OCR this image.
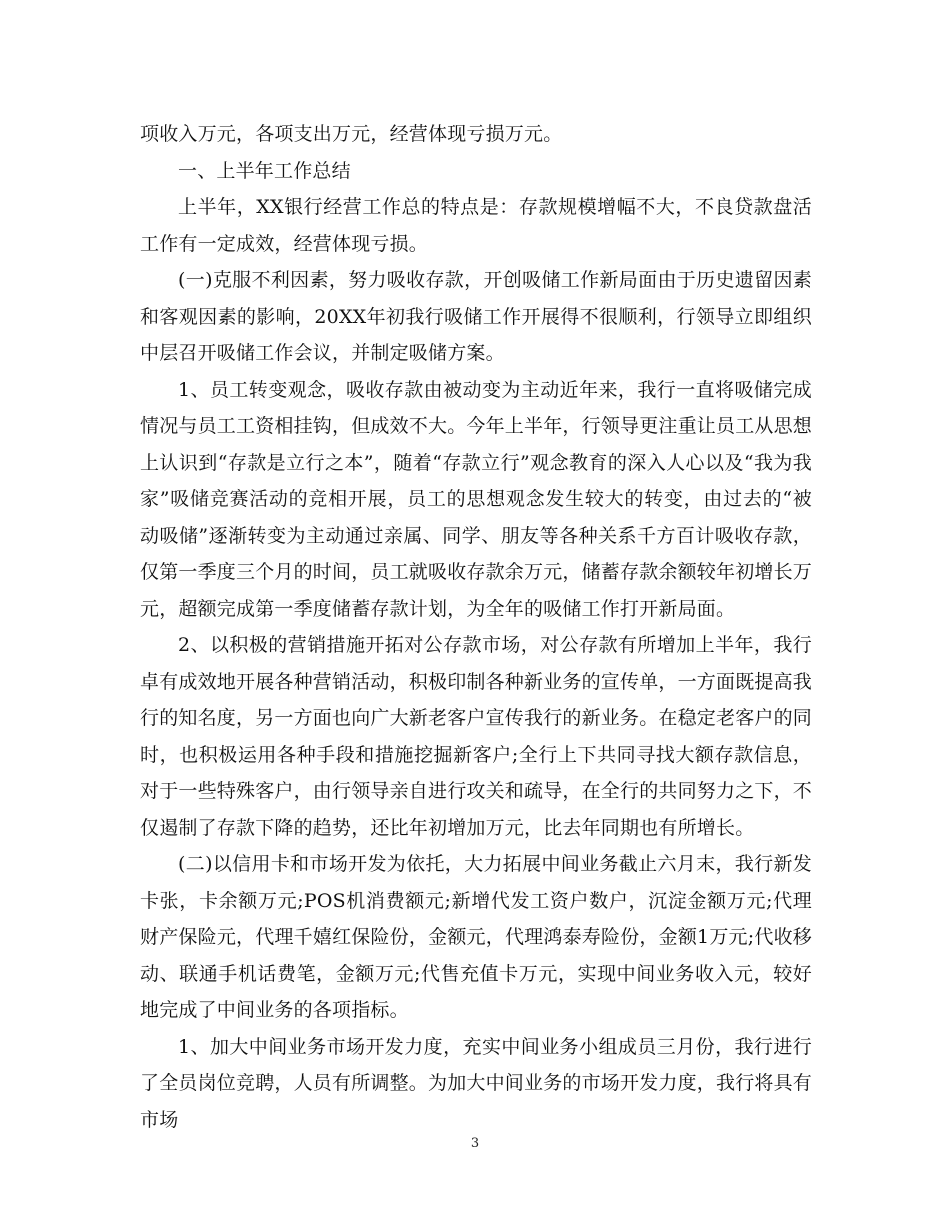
项收入万元，各项支出万元，经营体现亏损万元。

一、上半年工作总结

上半年，XX银行经营工作总的特点是：存款规模增幅不大，不良贷款盘活工作有一定成效，经营体现亏损。

(一)克服不利因素，努力吸收存款，开创吸储工作新局面由于历史遗留因素和客观因素的影响，20XX年初我行吸储工作开展得不很顺利，行领导立即组织中层召开吸储工作会议，并制定吸储方案。

1、员工转变观念，吸收存款由被动变为主动近年来，我行一直将吸储完成情况与员工工资相挂钩，但成效不大。今年上半年，行领导更注重让员工从思想上认识到“存款是立行之本”，随着“存款立行”观念教育的深入人心以及“我为我家”吸储竞赛活动的竞相开展，员工的思想观念发生较大的转变，由过去的“被动吸储”逐渐转变为主动通过亲属、同学、朋友等各种关系千方百计吸收存款，仅第一季度三个月的时间，员工就吸收存款余万元，储蓄存款余额较年初增长万元，超额完成第一季度储蓄存款计划，为全年的吸储工作打开新局面。

2、以积极的营销措施开拓对公存款市场，对公存款有所增加上半年，我行卓有成效地开展各种营销活动，积极印制各种新业务的宣传单，一方面既提高我行的知名度，另一方面也向广大新老客户宣传我行的新业务。在稳定老客户的同时，也积极运用各种手段和措施挖掘新客户;全行上下共同寻找大额存款信息，对于一些特殊客户，由行领导亲自进行攻关和疏导，在全行的共同努力之下，不仅遏制了存款下降的趋势，还比年初增加万元，比去年同期也有所增长。

(二)以信用卡和市场开发为依托，大力拓展中间业务截止六月末，我行新发卡张，卡余额万元;POS机消费额元;新增代发工资户数户，沉淀金额万元;代理财产保险元，代理千嬉红保险份，金额元，代理鸿泰寿险份，金额1万元;代收移动、联通手机话费笔，金额万元;代售充值卡万元，实现中间业务收入元，较好地完成了中间业务的各项指标。

1、加大中间业务市场开发力度，充实中间业务小组成员三月份，我行进行了全员岗位竞聘，人员有所调整。为加大中间业务的市场开发力度，我行将具有市场

3
